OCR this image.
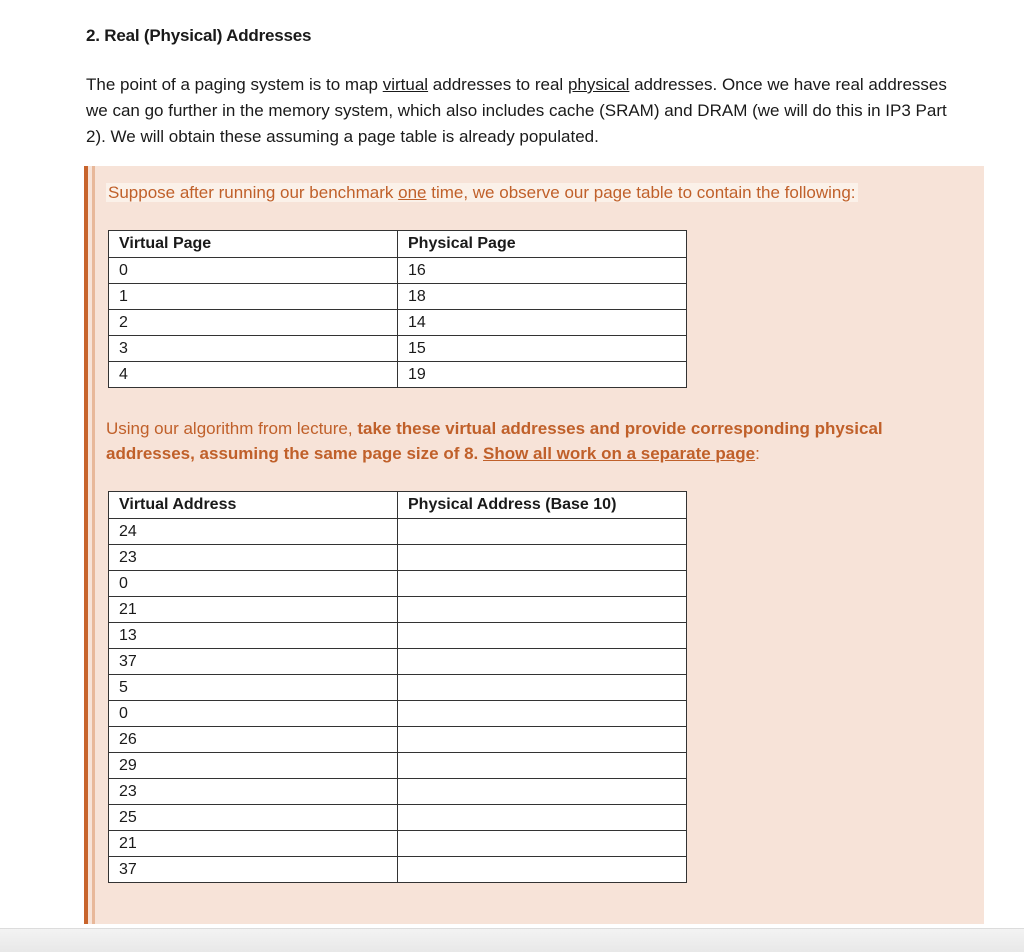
2. Real (Physical) Addresses

The point of a paging system is to map virtual addresses to real physical addresses. Once we have real addresses we can go further in the memory system, which also includes cache (SRAM) and DRAM (we will do this in IP3 Part 2). We will obtain these assuming a page table is already populated.

Suppose after running our benchmark one time, we observe our page table to contain the following:

Virtual Page	Physical Page
0	16
1	18
2	14
3	15
4	19

Using our algorithm from lecture, take these virtual addresses and provide corresponding physical addresses, assuming the same page size of 8. Show all work on a separate page:

Virtual Address	Physical Address (Base 10)
24	
23	
0	
21	
13	
37	
5	
0	
26	
29	
23	
25	
21	
37	
